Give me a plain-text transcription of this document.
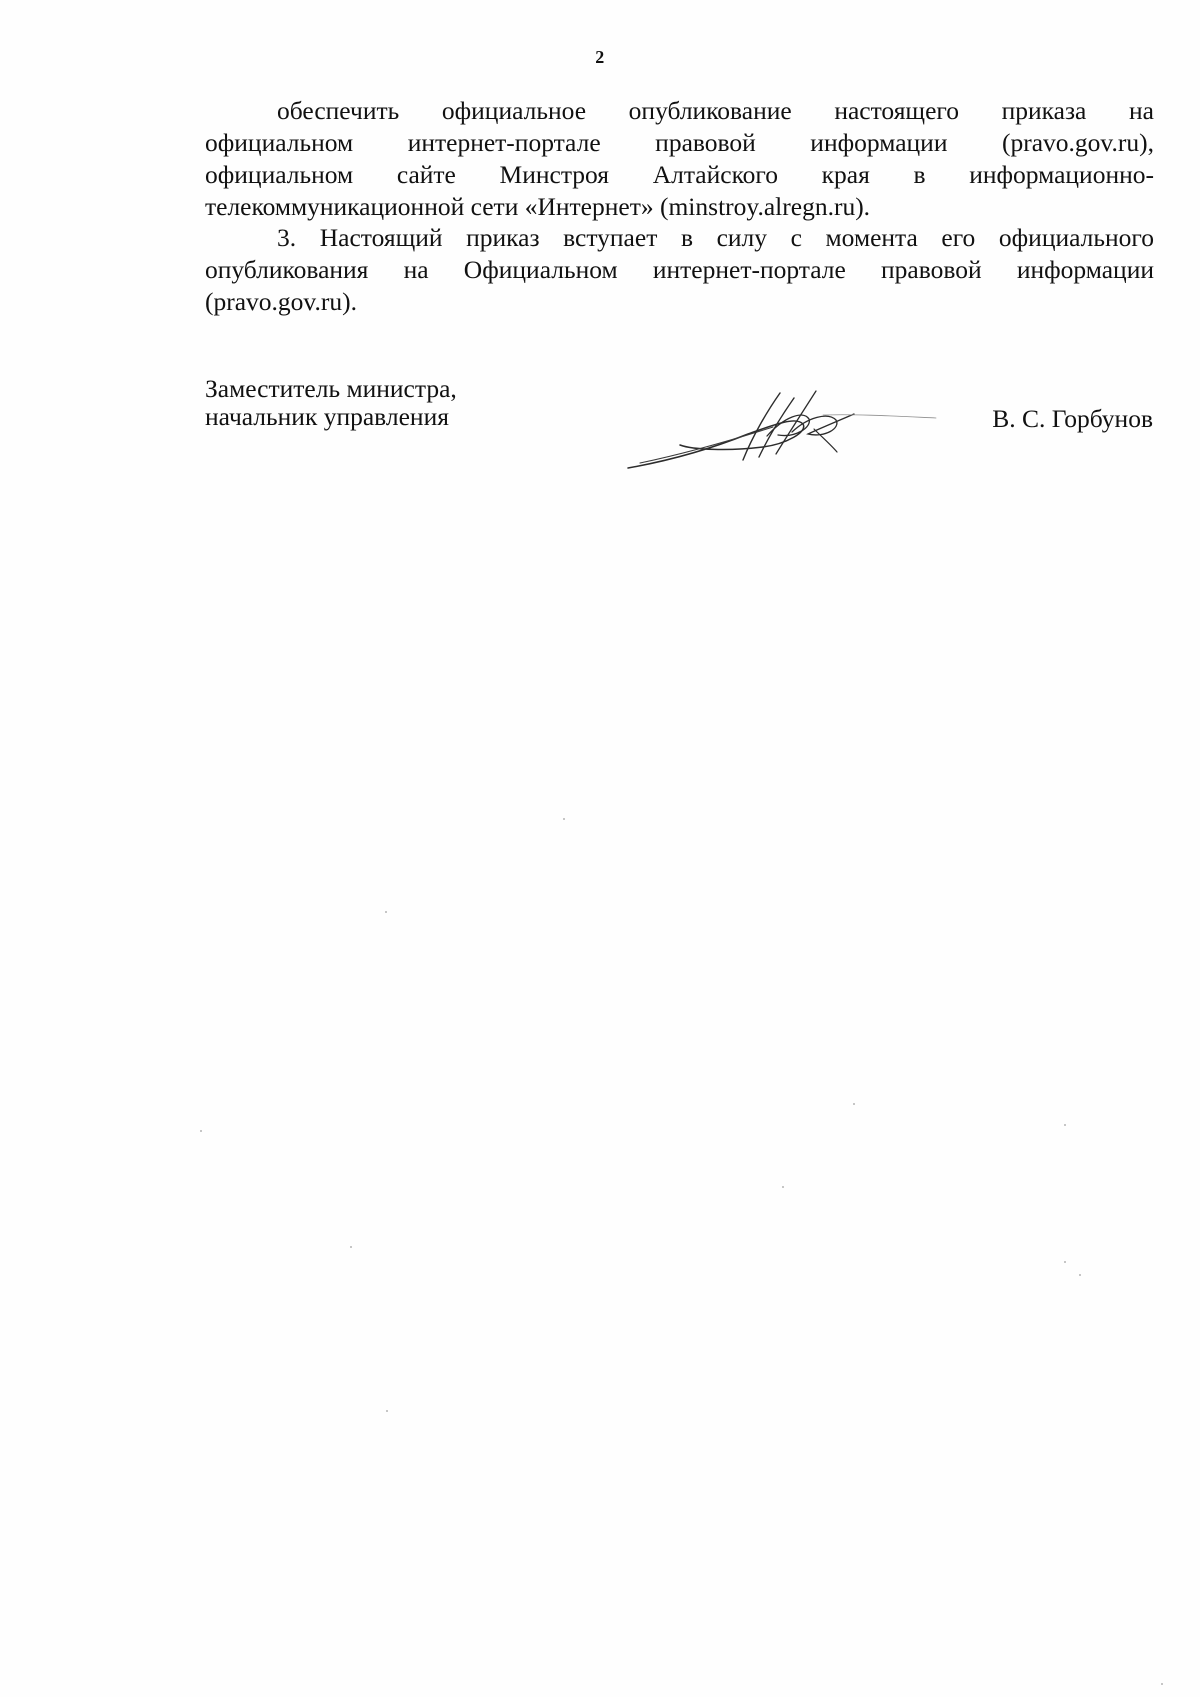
2
обеспечить официальное опубликование настоящего приказа на
официальном интернет-портале правовой информации (pravo.gov.ru),
официальном сайте Минстроя Алтайского края в информационно-
телекоммуникационной сети «Интернет» (minstroy.alregn.ru).
3. Настоящий приказ вступает в силу с момента его официального
опубликования на Официальном интернет-портале правовой информации
(pravo.gov.ru).
Заместитель министра,
начальник управления	В. С. Горбунов
